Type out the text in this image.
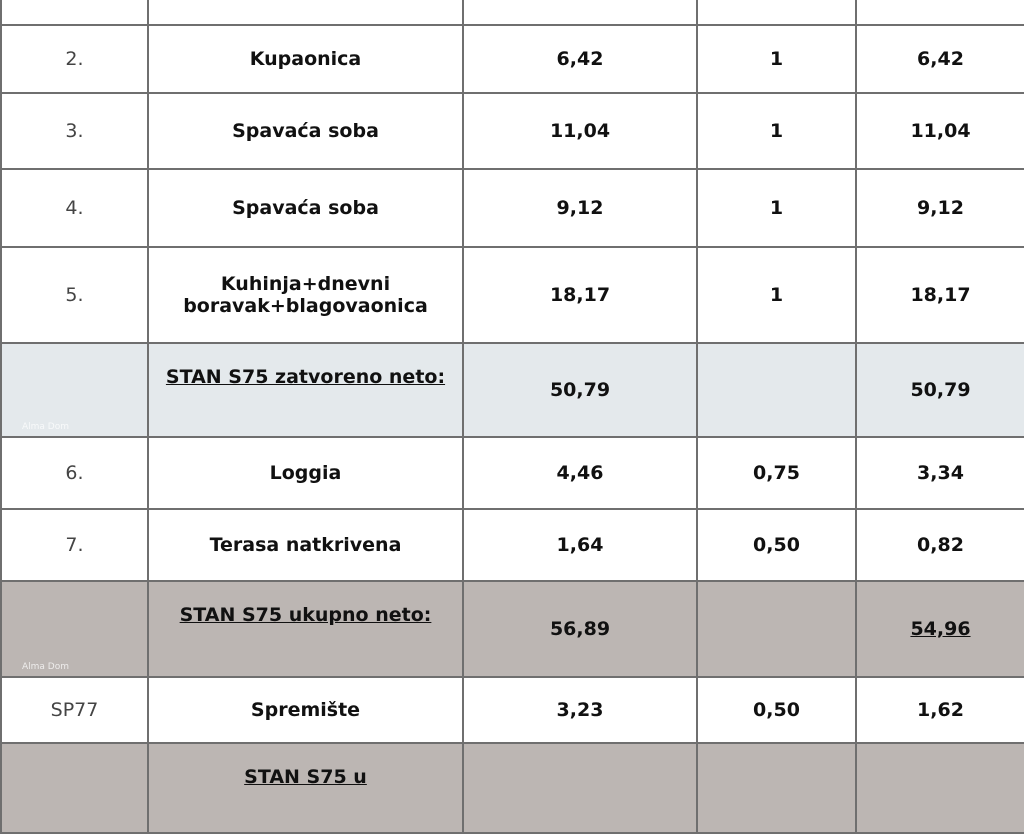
2.	Kupaonica	6,42	1	6,42
3.	Spavaća soba	11,04	1	11,04
4.	Spavaća soba	9,12	1	9,12
5.	Kuhinja+dnevni
boravak+blagovaonica	18,17	1	18,17

Alma Dom	STAN S75 zatvoreno neto:	50,79		50,79
6.	Loggia	4,46	0,75	3,34
7.	Terasa natkrivena	1,64	0,50	0,82

Alma Dom	STAN S75 ukupno neto:	56,89		54,96
SP77	Spremište	3,23	0,50	1,62

	STAN S75 u			
